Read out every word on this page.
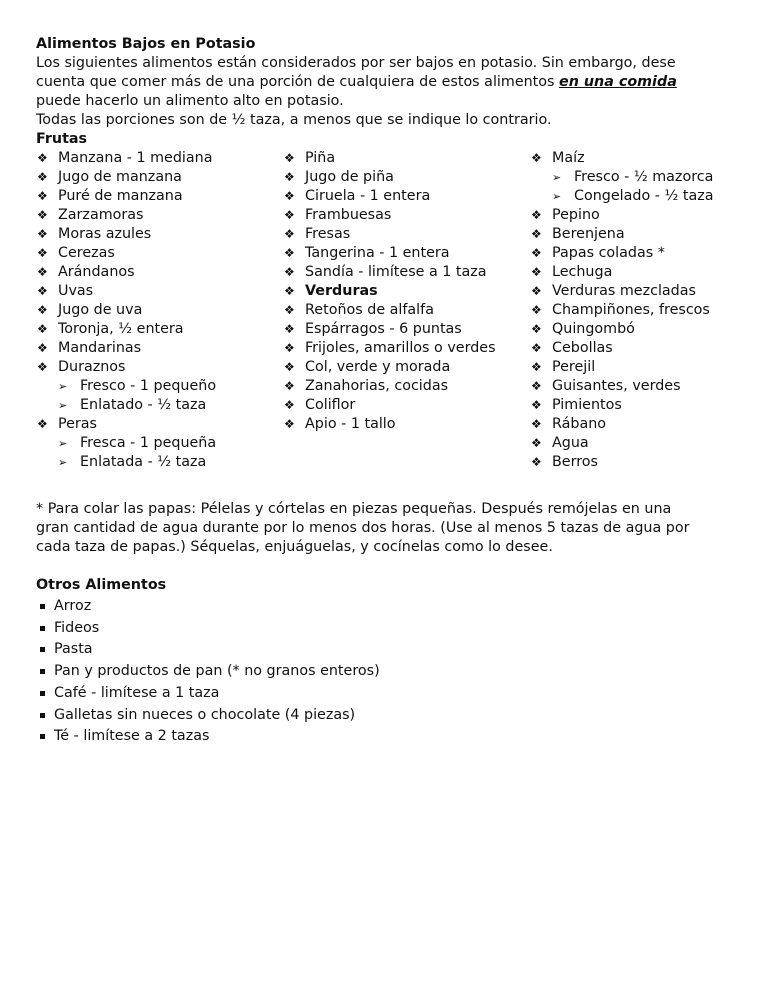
Alimentos Bajos en Potasio
Los siguientes alimentos están considerados por ser bajos en potasio. Sin embargo, dese
cuenta que comer más de una porción de cualquiera de estos alimentos en una comida
puede hacerlo un alimento alto en potasio.
Todas las porciones son de ½ taza, a menos que se indique lo contrario.
Frutas
❖ Manzana - 1 mediana
❖ Jugo de manzana
❖ Puré de manzana
❖ Zarzamoras
❖ Moras azules
❖ Cerezas
❖ Arándanos
❖ Uvas
❖ Jugo de uva
❖ Toronja, ½ entera
❖ Mandarinas
❖ Duraznos
➢ Fresco - 1 pequeño
➢ Enlatado - ½ taza
❖ Peras
➢ Fresca - 1 pequeña
➢ Enlatada - ½ taza
❖ Piña
❖ Jugo de piña
❖ Ciruela - 1 entera
❖ Frambuesas
❖ Fresas
❖ Tangerina - 1 entera
❖ Sandía - limítese a 1 taza
❖ Verduras
❖ Retoños de alfalfa
❖ Espárragos - 6 puntas
❖ Frijoles, amarillos o verdes
❖ Col, verde y morada
❖ Zanahorias, cocidas
❖ Coliflor
❖ Apio - 1 tallo
❖ Maíz
➢ Fresco - ½ mazorca
➢ Congelado - ½ taza
❖ Pepino
❖ Berenjena
❖ Papas coladas *
❖ Lechuga
❖ Verduras mezcladas
❖ Champiñones, frescos
❖ Quingombó
❖ Cebollas
❖ Perejil
❖ Guisantes, verdes
❖ Pimientos
❖ Rábano
❖ Agua
❖ Berros
* Para colar las papas: Pélelas y córtelas en piezas pequeñas. Después remójelas en una
gran cantidad de agua durante por lo menos dos horas. (Use al menos 5 tazas de agua por
cada taza de papas.) Séquelas, enjuáguelas, y cocínelas como lo desee.
Otros Alimentos
Arroz
Fideos
Pasta
Pan y productos de pan (* no granos enteros)
Café - limítese a 1 taza
Galletas sin nueces o chocolate (4 piezas)
Té - limítese a 2 tazas
